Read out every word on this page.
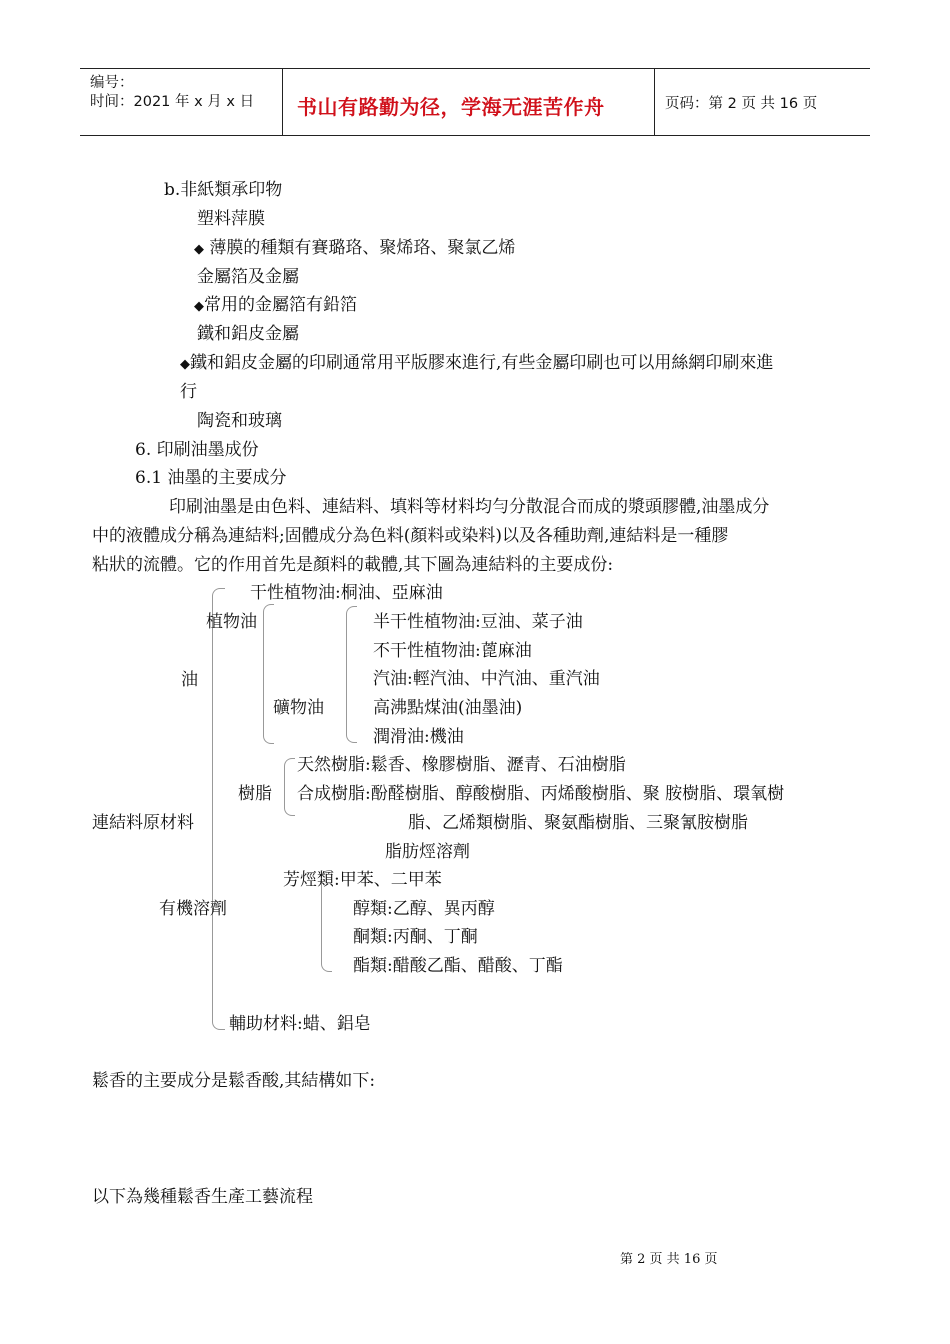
编号：
时间：2021 年 x 月 x 日 书山有路勤为径，学海无涯苦作舟	页码：第 2 页 共 16 页
b.非紙類承印物
塑料萍膜
◆ 薄膜的種類有賽璐珞、聚烯珞、聚氯乙烯
金屬箔及金屬
◆常用的金屬箔有鉛箔
鐵和鋁皮金屬
◆鐵和鋁皮金屬的印刷通常用平版膠來進行,有些金屬印刷也可以用絲網印刷來進
行
陶瓷和玻璃
6. 印刷油墨成份
6.1 油墨的主要成分
印刷油墨是由色料、連結料、填料等材料均勻分散混合而成的漿頭膠體,油墨成分
中的液體成分稱為連結料;固體成分為色料(顏料或染料)以及各種助劑,連結料是一種膠
粘狀的流體。它的作用首先是顏料的載體,其下圖為連結料的主要成份:
連結料原材料
油
植物油
干性植物油:桐油、亞麻油
半干性植物油:豆油、菜子油
不干性植物油:蓖麻油
礦物油
汽油:輕汽油、中汽油、重汽油
高沸點煤油(油墨油)
潤滑油:機油
樹脂
天然樹脂:鬆香、橡膠樹脂、瀝青、石油樹脂
合成樹脂:酚醛樹脂、醇酸樹脂、丙烯酸樹脂、聚 胺樹脂、環氧樹
脂、乙烯類樹脂、聚氨酯樹脂、三聚氰胺樹脂
有機溶劑
脂肪烴溶劑
芳烴類:甲苯、二甲苯
醇類:乙醇、異丙醇
酮類:丙酮、丁酮
酯類:醋酸乙酯、醋酸、丁酯
輔助材料:蜡、鋁皂
鬆香的主要成分是鬆香酸,其結構如下:
以下為幾種鬆香生產工藝流程
第 2 页 共 16 页
